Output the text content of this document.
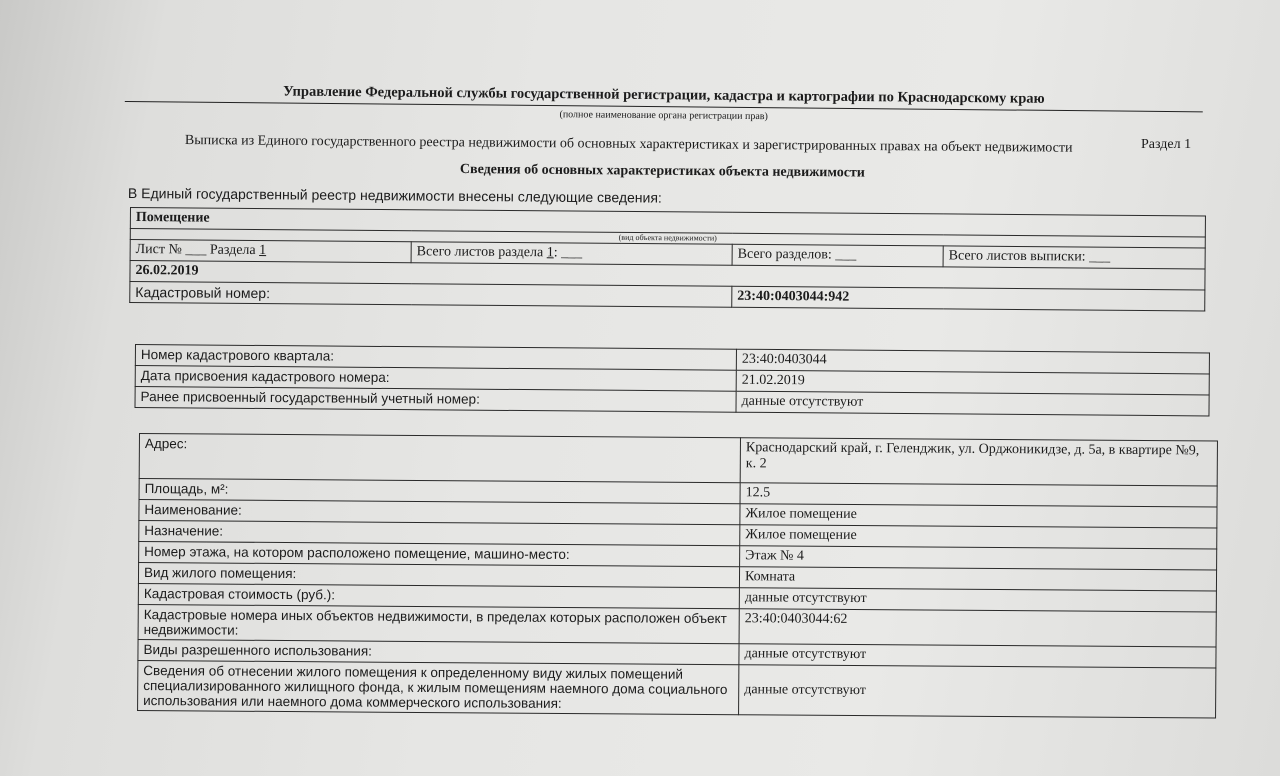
Управление Федеральной службы государственной регистрации, кадастра и картографии по Краснодарскому краю
(полное наименование органа регистрации прав)
Выписка из Единого государственного реестра недвижимости об основных характеристиках и зарегистрированных правах на объект недвижимости	Раздел 1
Сведения об основных характеристиках объекта недвижимости
В Единый государственный реестр недвижимости внесены следующие сведения:
Помещение			
(вид объекта недвижимости)			
Лист № ___ Раздела 1	Всего листов раздела 1: ___	Всего разделов: ___	Всего листов выписки: ___
26.02.2019			
Кадастровый номер:		23:40:0403044:942	
Номер кадастрового квартала:	23:40:0403044
Дата присвоения кадастрового номера:	21.02.2019
Ранее присвоенный государственный учетный номер:	данные отсутствуют
Адрес:	Краснодарский край, г. Геленджик, ул. Орджоникидзе, д. 5а, в квартире №9, к. 2
Площадь, м²:	12.5
Наименование:	Жилое помещение
Назначение:	Жилое помещение
Номер этажа, на котором расположено помещение, машино-место:	Этаж № 4
Вид жилого помещения:	Комната
Кадастровая стоимость (руб.):	данные отсутствуют
Кадастровые номера иных объектов недвижимости, в пределах которых расположен объект недвижимости:	23:40:0403044:62
Виды разрешенного использования:	данные отсутствуют
Сведения об отнесении жилого помещения к определенному виду жилых помещений специализированного жилищного фонда, к жилым помещениям наемного дома социального использования или наемного дома коммерческого использования:	данные отсутствуют
